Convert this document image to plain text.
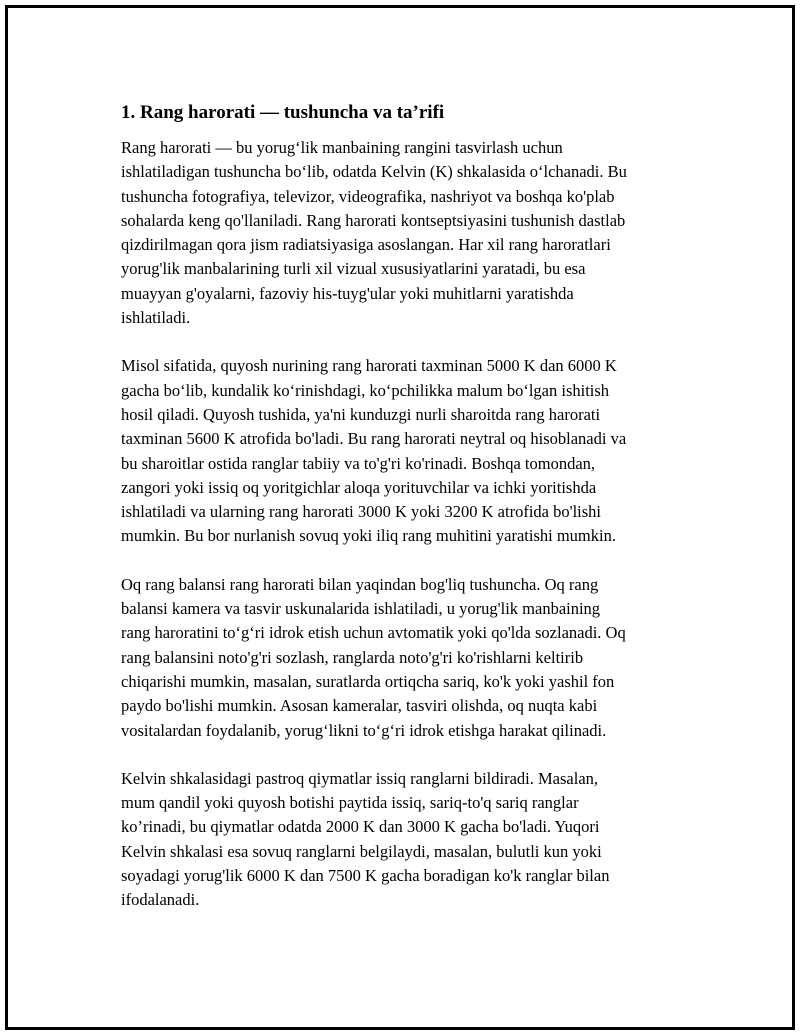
1. Rang harorati — tushuncha va ta’rifi

Rang harorati — bu yorug‘lik manbaining rangini tasvirlash uchun
ishlatiladigan tushuncha bo‘lib, odatda Kelvin (K) shkalasida o‘lchanadi. Bu
tushuncha fotografiya, televizor, videografika, nashriyot va boshqa ko'plab
sohalarda keng qo'llaniladi. Rang harorati kontseptsiyasini tushunish dastlab
qizdirilmagan qora jism radiatsiyasiga asoslangan. Har xil rang haroratlari
yorug'lik manbalarining turli xil vizual xususiyatlarini yaratadi, bu esa
muayyan g'oyalarni, fazoviy his-tuyg'ular yoki muhitlarni yaratishda
ishlatiladi.

Misol sifatida, quyosh nurining rang harorati taxminan 5000 K dan 6000 K
gacha bo‘lib, kundalik ko‘rinishdagi, ko‘pchilikka malum bo‘lgan ishitish
hosil qiladi. Quyosh tushida, ya'ni kunduzgi nurli sharoitda rang harorati
taxminan 5600 K atrofida bo'ladi. Bu rang harorati neytral oq hisoblanadi va
bu sharoitlar ostida ranglar tabiiy va to'g'ri ko'rinadi. Boshqa tomondan,
zangori yoki issiq oq yoritgichlar aloqa yorituvchilar va ichki yoritishda
ishlatiladi va ularning rang harorati 3000 K yoki 3200 K atrofida bo'lishi
mumkin. Bu bor nurlanish sovuq yoki iliq rang muhitini yaratishi mumkin.

Oq rang balansi rang harorati bilan yaqindan bog'liq tushuncha. Oq rang
balansi kamera va tasvir uskunalarida ishlatiladi, u yorug'lik manbaining
rang haroratini to‘g‘ri idrok etish uchun avtomatik yoki qo'lda sozlanadi. Oq
rang balansini noto'g'ri sozlash, ranglarda noto'g'ri ko'rishlarni keltirib
chiqarishi mumkin, masalan, suratlarda ortiqcha sariq, ko'k yoki yashil fon
paydo bo'lishi mumkin. Asosan kameralar, tasviri olishda, oq nuqta kabi
vositalardan foydalanib, yorug‘likni to‘g‘ri idrok etishga harakat qilinadi.

Kelvin shkalasidagi pastroq qiymatlar issiq ranglarni bildiradi. Masalan,
mum qandil yoki quyosh botishi paytida issiq, sariq-to'q sariq ranglar
ko’rinadi, bu qiymatlar odatda 2000 K dan 3000 K gacha bo'ladi. Yuqori
Kelvin shkalasi esa sovuq ranglarni belgilaydi, masalan, bulutli kun yoki
soyadagi yorug'lik 6000 K dan 7500 K gacha boradigan ko'k ranglar bilan
ifodalanadi.
